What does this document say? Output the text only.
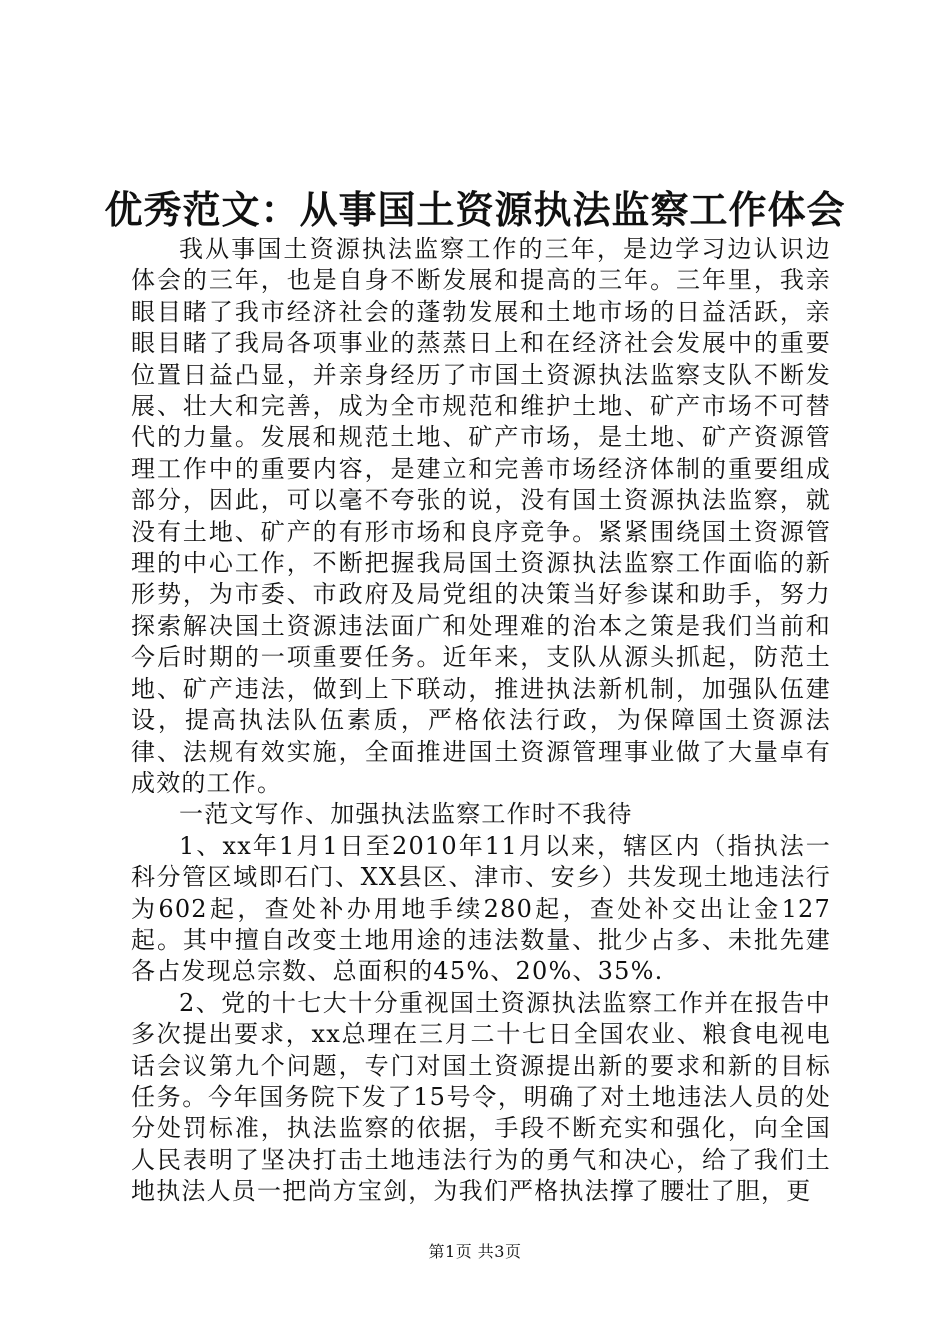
优秀范文：从事国土资源执法监察工作体会

我从事国土资源执法监察工作的三年，是边学习边认识边体会的三年，也是自身不断发展和提高的三年。三年里，我亲眼目睹了我市经济社会的蓬勃发展和土地市场的日益活跃，亲眼目睹了我局各项事业的蒸蒸日上和在经济社会发展中的重要位置日益凸显，并亲身经历了市国土资源执法监察支队不断发展、壮大和完善，成为全市规范和维护土地、矿产市场不可替代的力量。发展和规范土地、矿产市场，是土地、矿产资源管理工作中的重要内容，是建立和完善市场经济体制的重要组成部分，因此，可以毫不夸张的说，没有国土资源执法监察，就没有土地、矿产的有形市场和良序竞争。紧紧围绕国土资源管理的中心工作，不断把握我局国土资源执法监察工作面临的新形势，为市委、市政府及局党组的决策当好参谋和助手，努力探索解决国土资源违法面广和处理难的治本之策是我们当前和今后时期的一项重要任务。近年来，支队从源头抓起，防范土地、矿产违法，做到上下联动，推进执法新机制，加强队伍建设，提高执法队伍素质，严格依法行政，为保障国土资源法律、法规有效实施，全面推进国土资源管理事业做了大量卓有成效的工作。

一范文写作、加强执法监察工作时不我待

1、xx年1月1日至2010年11月以来，辖区内（指执法一科分管区域即石门、XX县区、津市、安乡）共发现土地违法行为602起，查处补办用地手续280起，查处补交出让金127起。其中擅自改变土地用途的违法数量、批少占多、未批先建各占发现总宗数、总面积的45%、20%、35%.

2、党的十七大十分重视国土资源执法监察工作并在报告中多次提出要求，xx总理在三月二十七日全国农业、粮食电视电话会议第九个问题，专门对国土资源提出新的要求和新的目标任务。今年国务院下发了15号令，明确了对土地违法人员的处分处罚标准，执法监察的依据，手段不断充实和强化，向全国人民表明了坚决打击土地违法行为的勇气和决心，给了我们土地执法人员一把尚方宝剑，为我们严格执法撑了腰壮了胆，更

第1页 共3页
